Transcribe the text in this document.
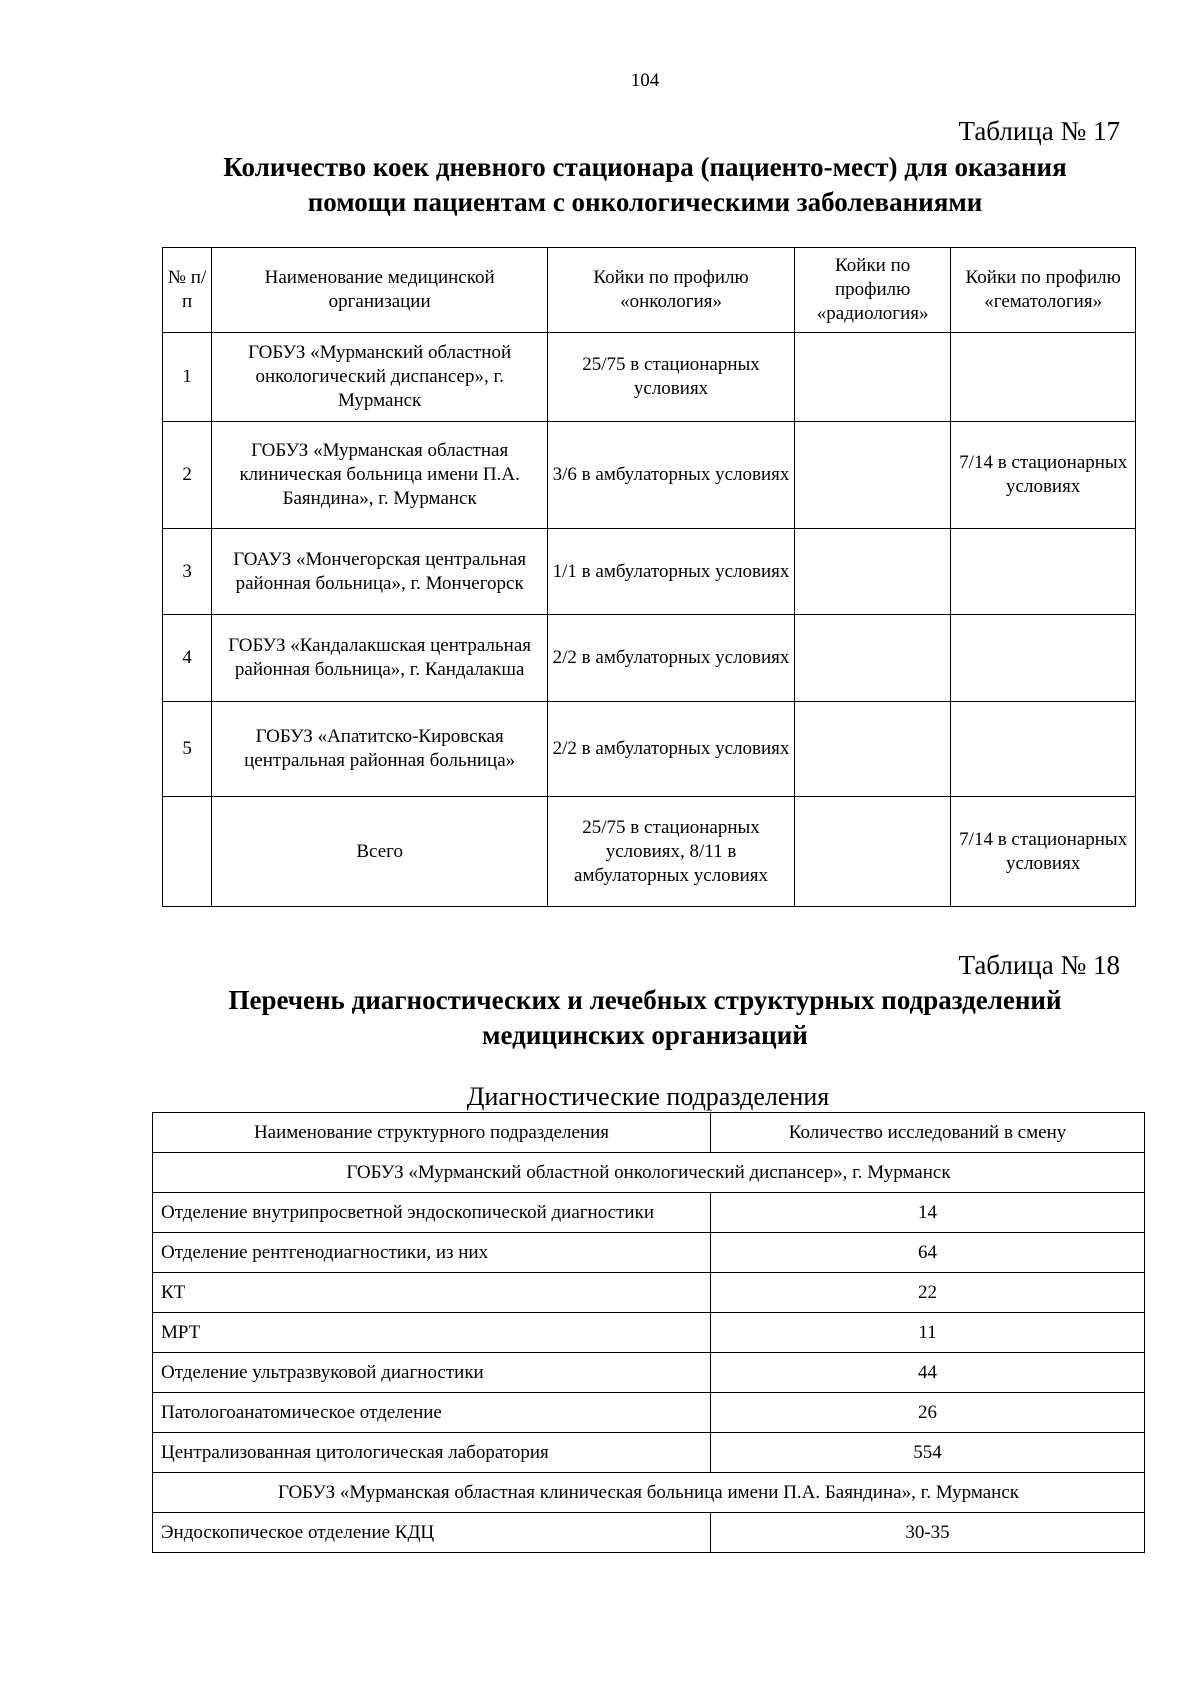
104
Таблица № 17
Количество коек дневного стационара (пациенто-мест) для оказания
помощи пациентам с онкологическими заболеваниями
№ п/п	Наименование медицинской организации	Койки по профилю «онкология»	Койки по профилю «радиология»	Койки по профилю «гематология»
1	ГОБУЗ «Мурманский областной онкологический диспансер», г. Мурманск	25/75 в стационарных условиях		
2	ГОБУЗ «Мурманская областная клиническая больница имени П.А. Баяндина», г. Мурманск	3/6 в амбулаторных условиях		7/14 в стационарных условиях
3	ГОАУЗ «Мончегорская центральная районная больница», г. Мончегорск	1/1 в амбулаторных условиях		
4	ГОБУЗ «Кандалакшская центральная районная больница», г. Кандалакша	2/2 в амбулаторных условиях		
5	ГОБУЗ «Апатитско-Кировская центральная районная больница»	2/2 в амбулаторных условиях		
	Всего	25/75 в стационарных условиях, 8/11 в амбулаторных условиях		7/14 в стационарных условиях
Таблица № 18
Перечень диагностических и лечебных структурных подразделений
медицинских организаций
Диагностические подразделения
Наименование структурного подразделения	Количество исследований в смену
ГОБУЗ «Мурманский областной онкологический диспансер», г. Мурманск	
Отделение внутрипросветной эндоскопической диагностики	14
Отделение рентгенодиагностики, из них	64
КТ	22
МРТ	11
Отделение ультразвуковой диагностики	44
Патологоанатомическое отделение	26
Централизованная цитологическая лаборатория	554
ГОБУЗ «Мурманская областная клиническая больница имени П.А. Баяндина», г. Мурманск	
Эндоскопическое отделение КДЦ	30-35
